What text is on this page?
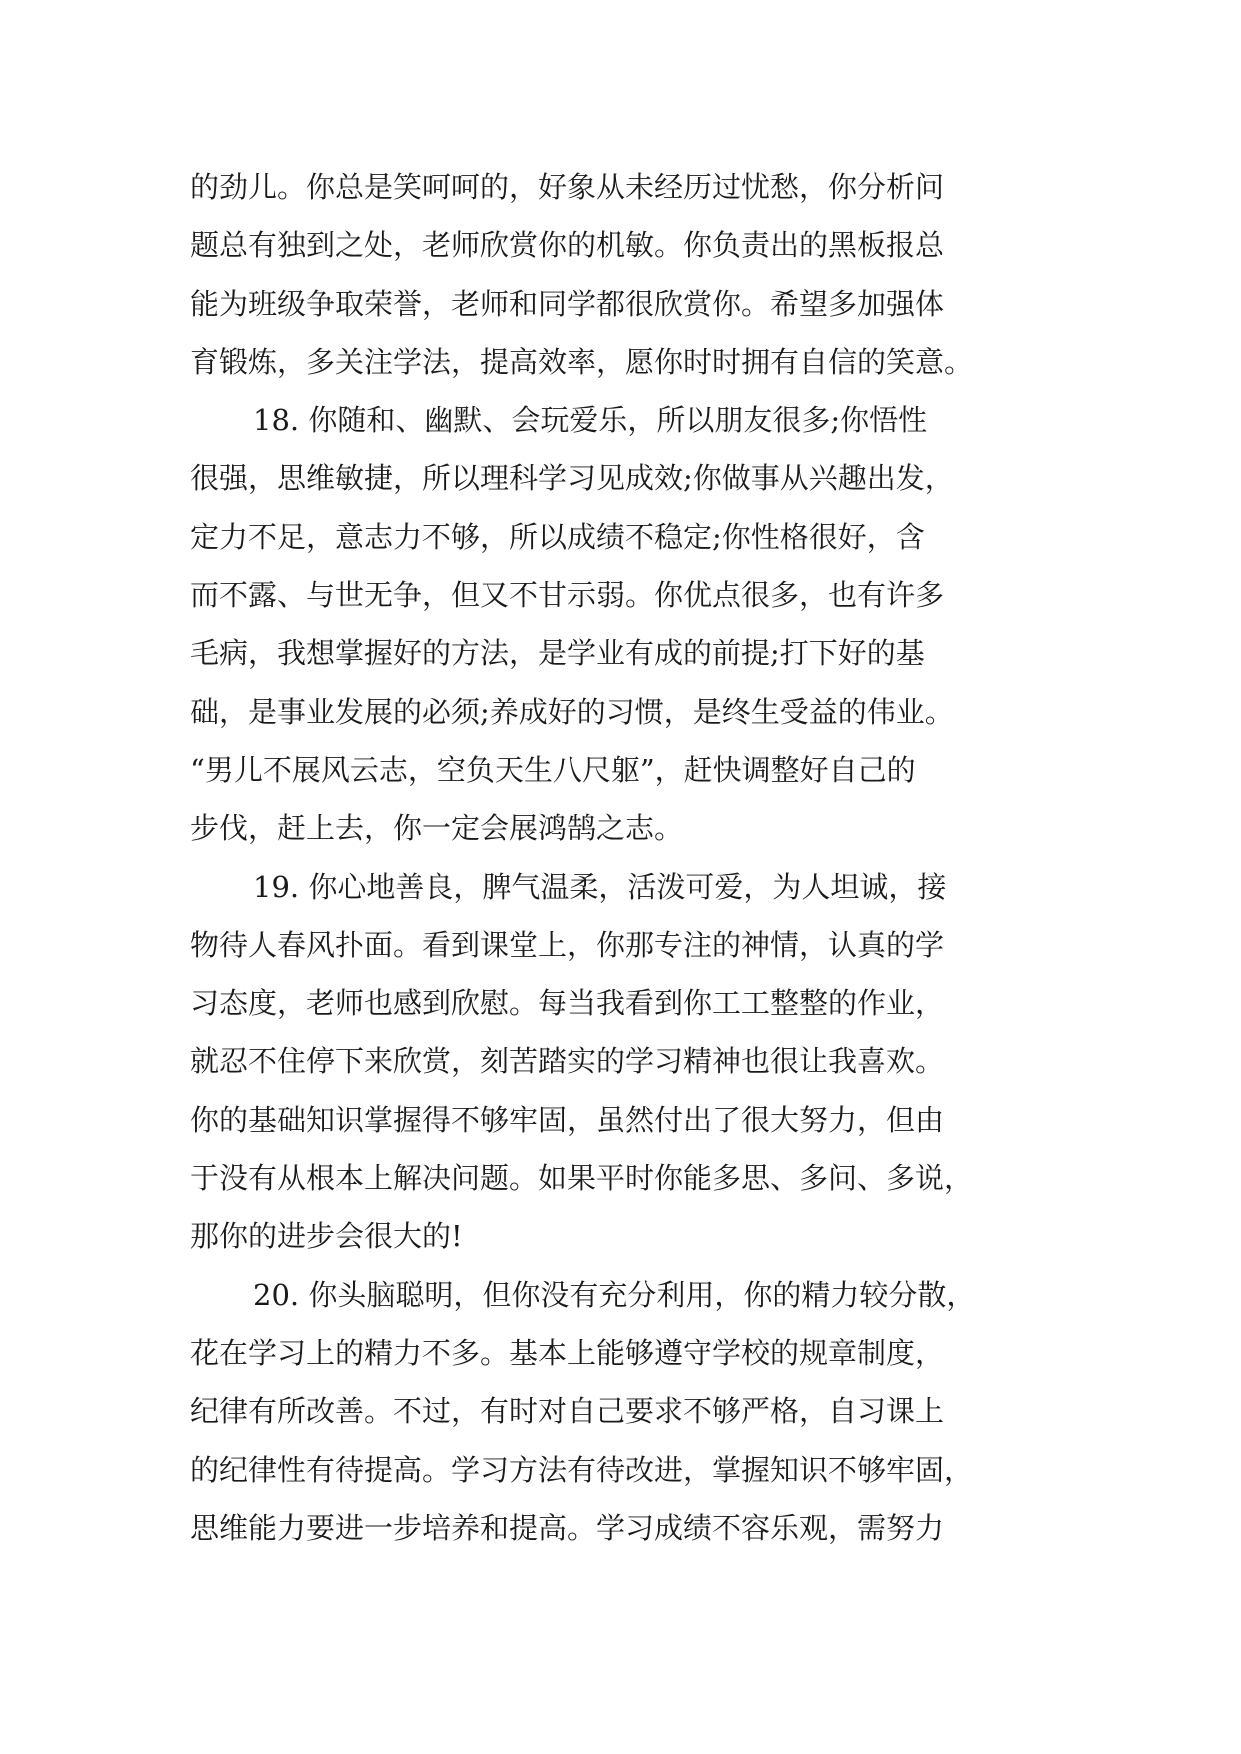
的劲儿。你总是笑呵呵的，好象从未经历过忧愁，你分析问
题总有独到之处，老师欣赏你的机敏。你负责出的黑板报总
能为班级争取荣誉，老师和同学都很欣赏你。希望多加强体
育锻炼，多关注学法，提高效率，愿你时时拥有自信的笑意。
18. 你随和、幽默、会玩爱乐，所以朋友很多;你悟性
很强，思维敏捷，所以理科学习见成效;你做事从兴趣出发，
定力不足，意志力不够，所以成绩不稳定;你性格很好，含
而不露、与世无争，但又不甘示弱。你优点很多，也有许多
毛病，我想掌握好的方法，是学业有成的前提;打下好的基
础，是事业发展的必须;养成好的习惯，是终生受益的伟业。
“男儿不展风云志，空负天生八尺躯”，赶快调整好自己的
步伐，赶上去，你一定会展鸿鹄之志。
19. 你心地善良，脾气温柔，活泼可爱，为人坦诚，接
物待人春风扑面。看到课堂上，你那专注的神情，认真的学
习态度，老师也感到欣慰。每当我看到你工工整整的作业，
就忍不住停下来欣赏，刻苦踏实的学习精神也很让我喜欢。
你的基础知识掌握得不够牢固，虽然付出了很大努力，但由
于没有从根本上解决问题。如果平时你能多思、多问、多说，
那你的进步会很大的!
20. 你头脑聪明，但你没有充分利用，你的精力较分散，
花在学习上的精力不多。基本上能够遵守学校的规章制度，
纪律有所改善。不过，有时对自己要求不够严格，自习课上
的纪律性有待提高。学习方法有待改进，掌握知识不够牢固，
思维能力要进一步培养和提高。学习成绩不容乐观，需努力
